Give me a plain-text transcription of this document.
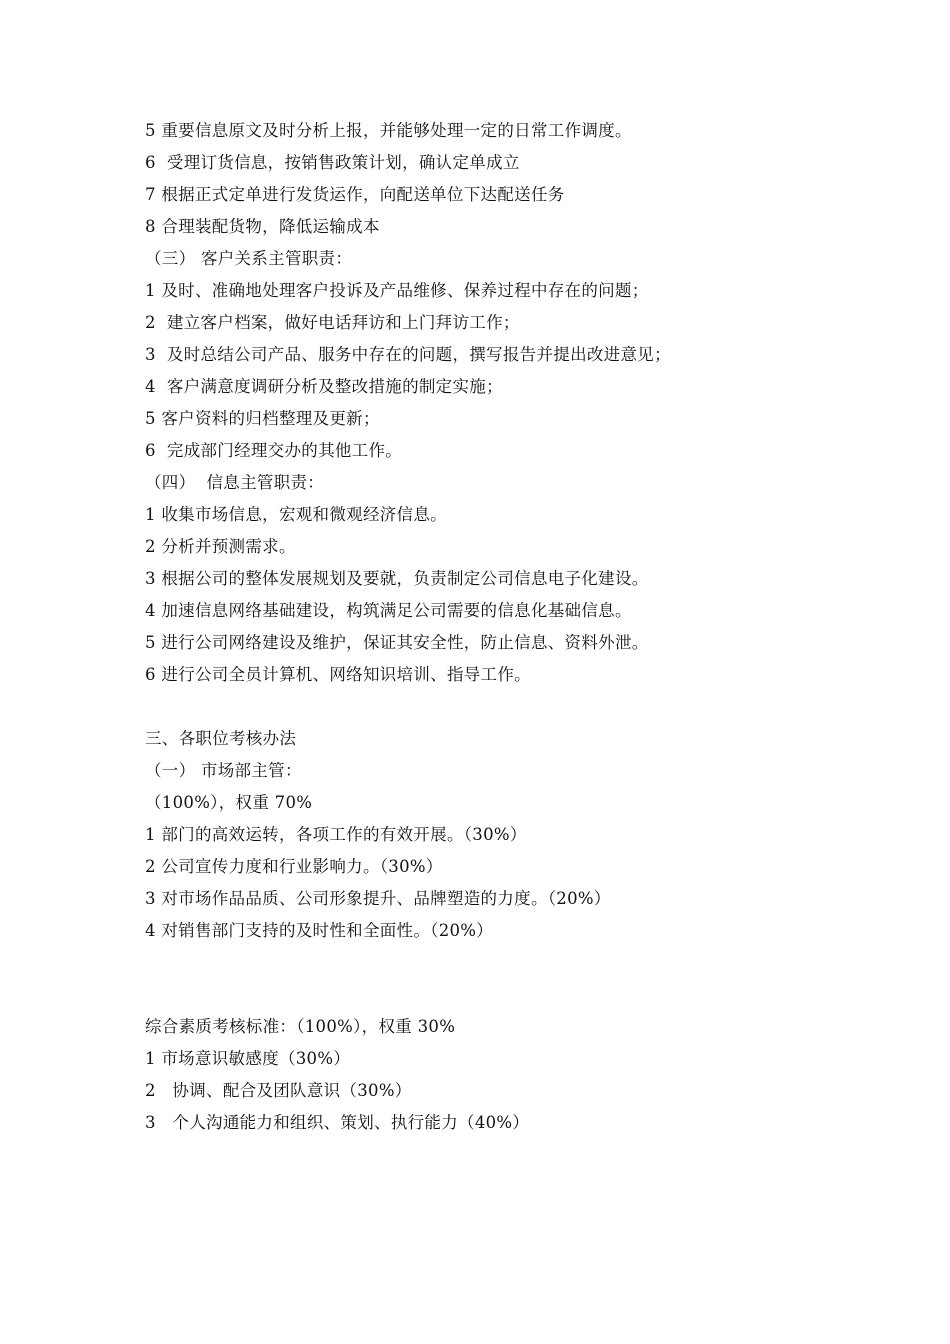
5 重要信息原文及时分析上报，并能够处理一定的日常工作调度。
6  受理订货信息，按销售政策计划，确认定单成立
7 根据正式定单进行发货运作，向配送单位下达配送任务
8 合理装配货物，降低运输成本
（三） 客户关系主管职责：
1 及时、准确地处理客户投诉及产品维修、保养过程中存在的问题；
2  建立客户档案，做好电话拜访和上门拜访工作；
3  及时总结公司产品、服务中存在的问题，撰写报告并提出改进意见；
4  客户满意度调研分析及整改措施的制定实施；
5 客户资料的归档整理及更新；
6  完成部门经理交办的其他工作。
（四）  信息主管职责：
1 收集市场信息，宏观和微观经济信息。
2 分析并预测需求。
3 根据公司的整体发展规划及要就，负责制定公司信息电子化建设。
4 加速信息网络基础建设，构筑满足公司需要的信息化基础信息。
5 进行公司网络建设及维护，保证其安全性，防止信息、资料外泄。
6 进行公司全员计算机、网络知识培训、指导工作。
三、各职位考核办法
（一） 市场部主管：
（100%），权重 70%
1 部门的高效运转，各项工作的有效开展。（30%）
2 公司宣传力度和行业影响力。（30%）
3 对市场作品品质、公司形象提升、品牌塑造的力度。（20%）
4 对销售部门支持的及时性和全面性。（20%）
综合素质考核标准：（100%），权重 30%
1 市场意识敏感度（30%）
2   协调、配合及团队意识（30%）
3   个人沟通能力和组织、策划、执行能力（40%）
